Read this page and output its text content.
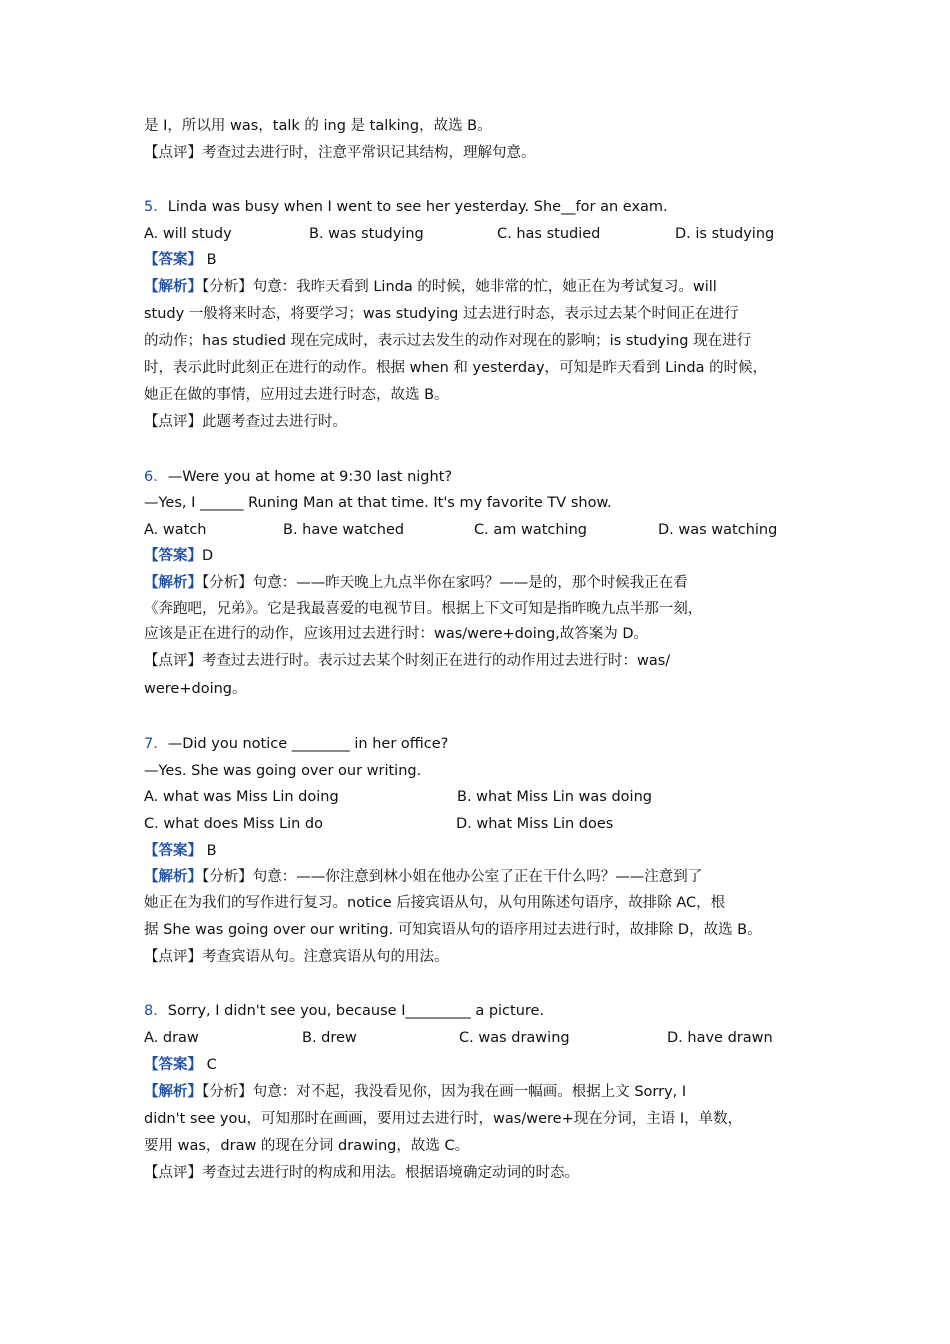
是 I，所以用 was，talk 的 ing 是 talking，故选 B。
【点评】考查过去进行时，注意平常识记其结构，理解句意。
5．Linda was busy when I went to see her yesterday. She__for an exam.
A. will study	B. was studying	C. has studied	D. is studying
【答案】 B
【解析】【分析】句意：我昨天看到 Linda 的时候，她非常的忙，她正在为考试复习。will
study 一般将来时态，将要学习；was studying 过去进行时态，表示过去某个时间正在进行
的动作；has studied 现在完成时，表示过去发生的动作对现在的影响；is studying 现在进行
时，表示此时此刻正在进行的动作。根据 when 和 yesterday，可知是昨天看到 Linda 的时候，
她正在做的事情，应用过去进行时态，故选 B。
【点评】此题考查过去进行时。
6．—Were you at home at 9:30 last night?
—Yes, I ______ Runing Man at that time. It's my favorite TV show.
A. watch	B. have watched	C. am watching	D. was watching
【答案】D
【解析】【分析】句意：——昨天晚上九点半你在家吗？——是的，那个时候我正在看
《奔跑吧，兄弟》。它是我最喜爱的电视节目。根据上下文可知是指昨晚九点半那一刻，
应该是正在进行的动作，应该用过去进行时：was/were+doing,故答案为 D。
【点评】考查过去进行时。表示过去某个时刻正在进行的动作用过去进行时：was/
were+doing。
7．—Did you notice ________ in her office?
—Yes. She was going over our writing.
A. what was Miss Lin doing	B. what Miss Lin was doing
C. what does Miss Lin do	D. what Miss Lin does
【答案】 B
【解析】【分析】句意：——你注意到林小姐在他办公室了正在干什么吗？——注意到了
她正在为我们的写作进行复习。notice 后接宾语从句，从句用陈述句语序，故排除 AC，根
据 She was going over our writing. 可知宾语从句的语序用过去进行时，故排除 D，故选 B。
【点评】考查宾语从句。注意宾语从句的用法。
8．Sorry, I didn't see you, because I_________ a picture.
A. draw	B. drew	C. was drawing	D. have drawn
【答案】 C
【解析】【分析】句意：对不起，我没看见你，因为我在画一幅画。根据上文 Sorry, I
didn't see you，可知那时在画画，要用过去进行时，was/were+现在分词，主语 I，单数，
要用 was，draw 的现在分词 drawing，故选 C。
【点评】考查过去进行时的构成和用法。根据语境确定动词的时态。
